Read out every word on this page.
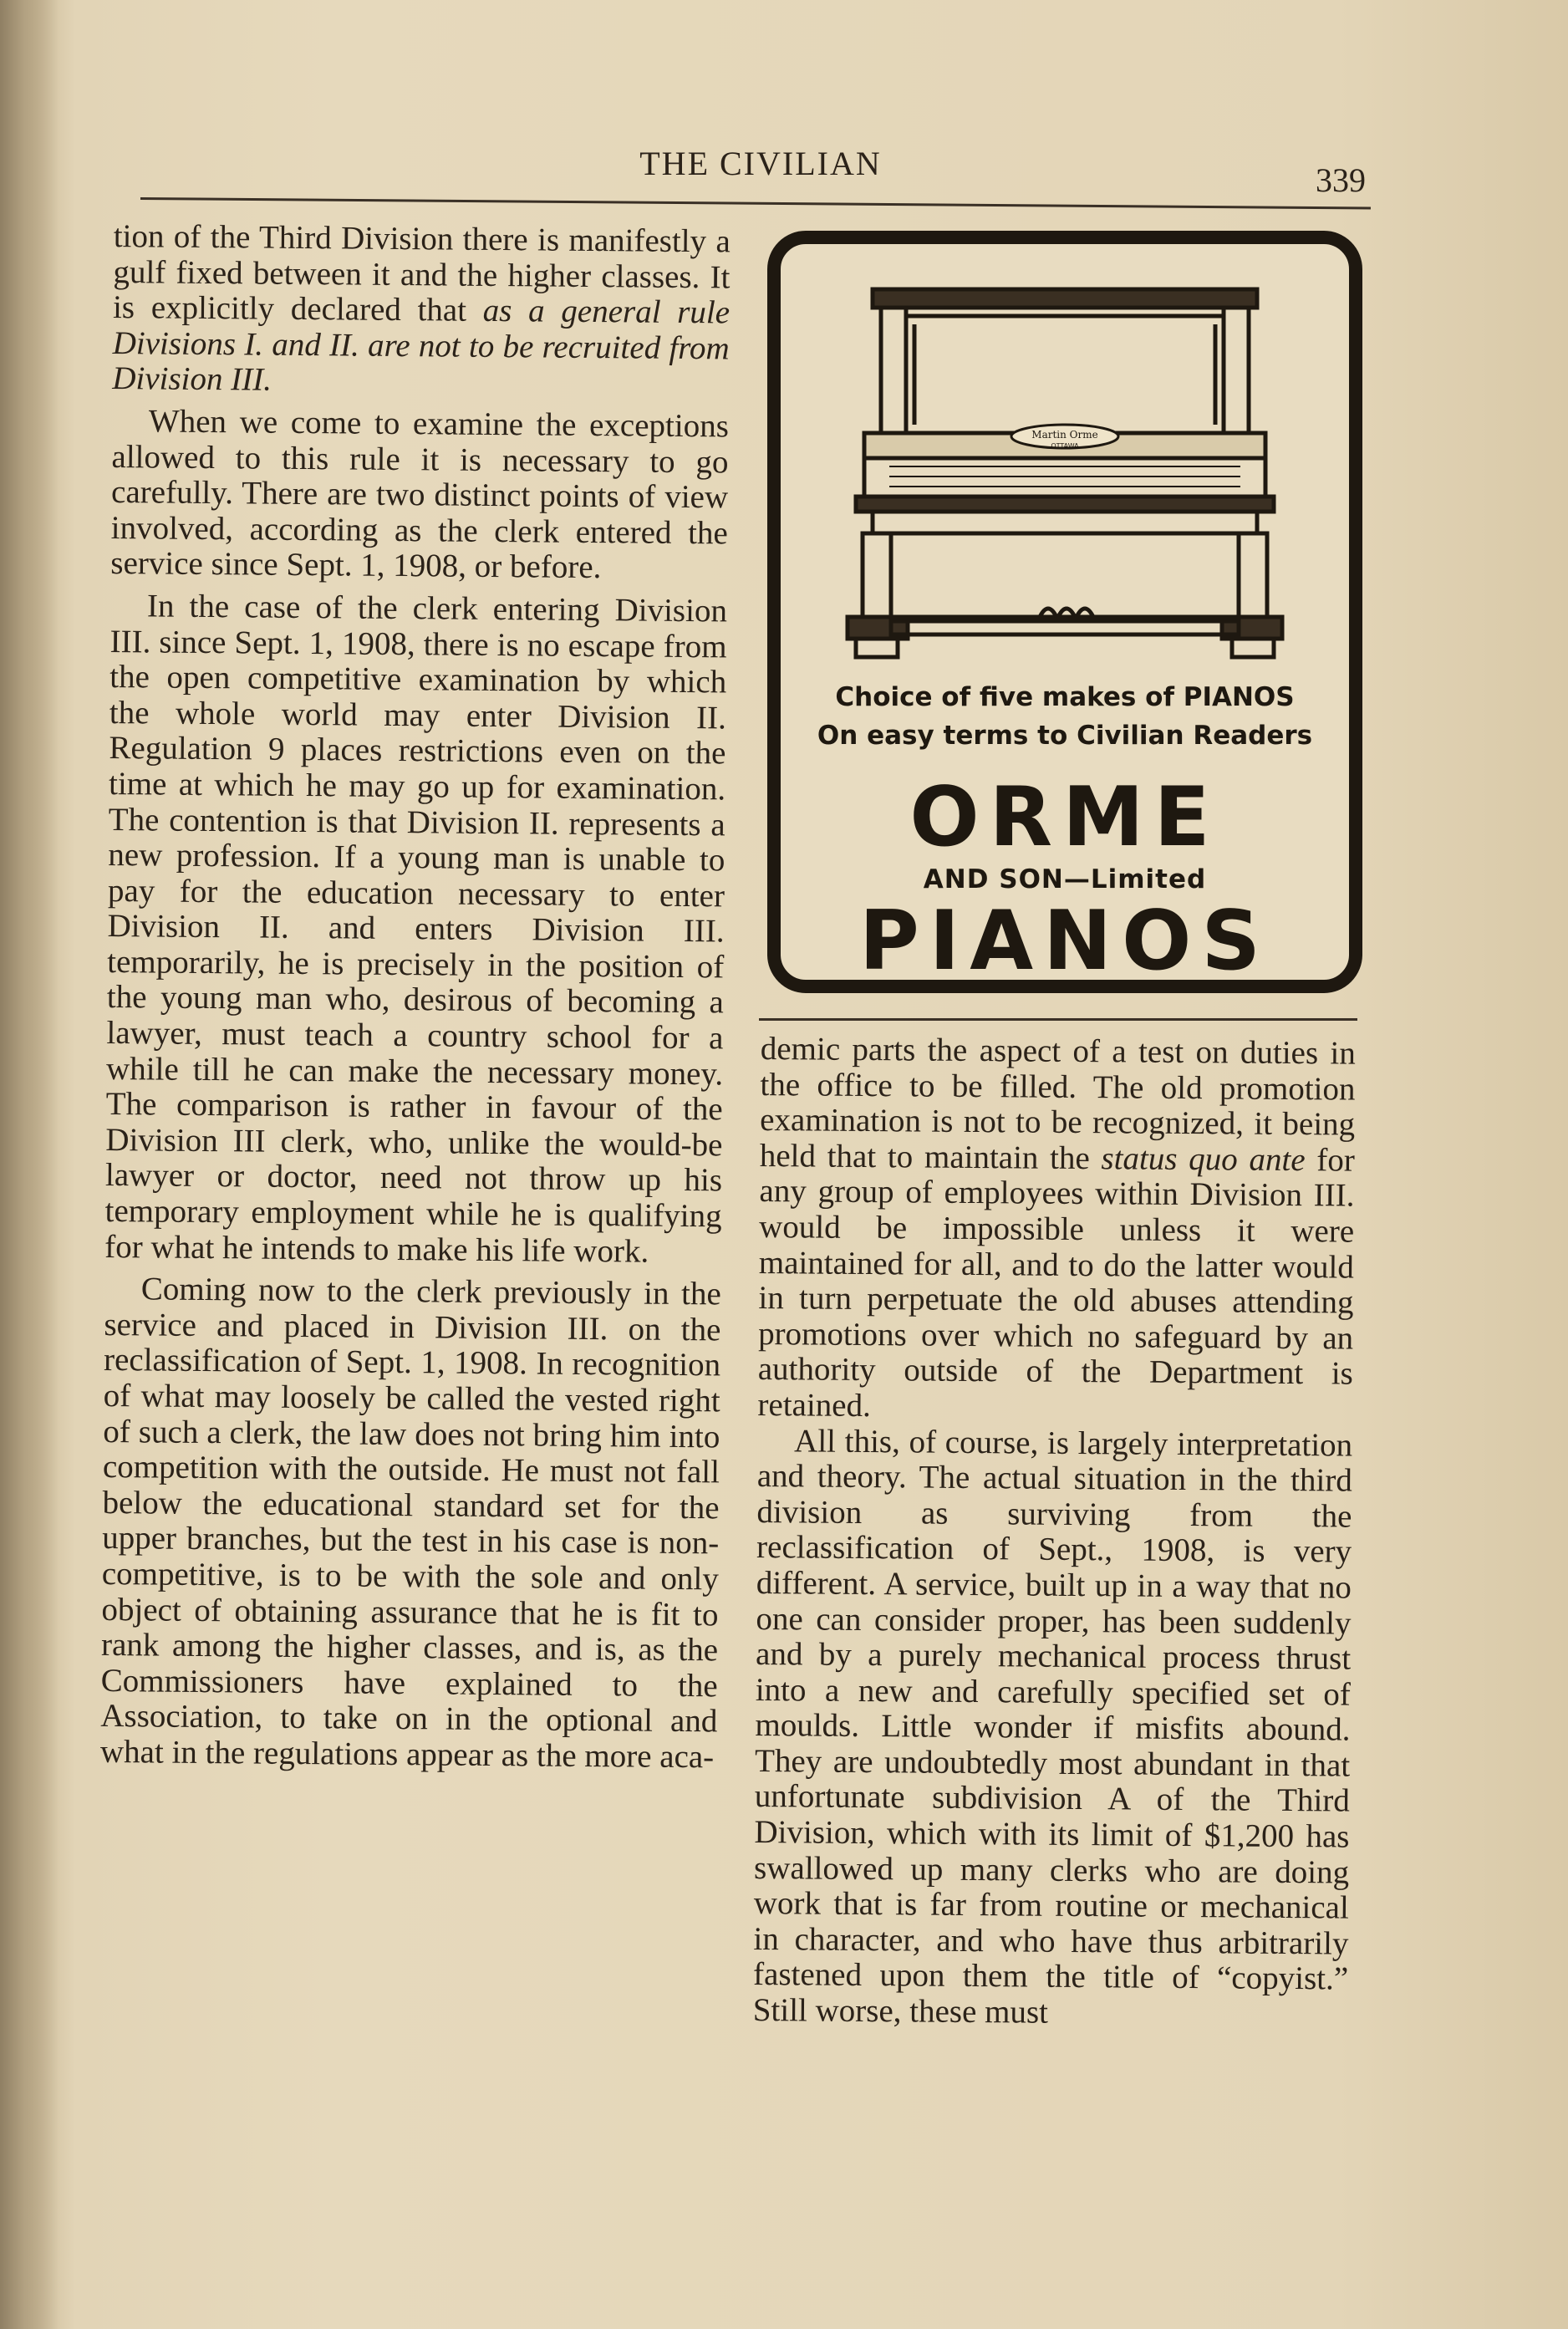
THE CIVILIAN	339

tion of the Third Division there is manifestly a gulf fixed between it and the higher classes. It is explicitly declared that as a general rule Divisions I. and II. are not to be recruited from Division III.

When we come to examine the exceptions allowed to this rule it is necessary to go carefully. There are two distinct points of view involved, according as the clerk entered the service since Sept. 1, 1908, or before.

In the case of the clerk entering Division III. since Sept. 1, 1908, there is no escape from the open competitive examination by which the whole world may enter Division II. Regulation 9 places restrictions even on the time at which he may go up for examination. The contention is that Division II. represents a new profession. If a young man is unable to pay for the education necessary to enter Division II. and enters Division III. temporarily, he is precisely in the position of the young man who, desirous of becoming a lawyer, must teach a country school for a while till he can make the necessary money. The comparison is rather in favour of the Division III clerk, who, unlike the would-be lawyer or doctor, need not throw up his temporary employment while he is qualifying for what he intends to make his life work.

Coming now to the clerk previously in the service and placed in Division III. on the reclassification of Sept. 1, 1908. In recognition of what may loosely be called the vested right of such a clerk, the law does not bring him into competition with the outside. He must not fall below the educational standard set for the upper branches, but the test in his case is non-competitive, is to be with the sole and only object of obtaining assurance that he is fit to rank among the higher classes, and is, as the Commissioners have explained to the Association, to take on in the optional and what in the regulations appear as the more aca-

Martin Orme
OTTAWA
Choice of five makes of PIANOS
On easy terms to Civilian Readers
ORME
AND SON—Limited
PIANOS

demic parts the aspect of a test on duties in the office to be filled. The old promotion examination is not to be recognized, it being held that to maintain the status quo ante for any group of employees within Division III. would be impossible unless it were maintained for all, and to do the latter would in turn perpetuate the old abuses attending promotions over which no safeguard by an authority outside of the Department is retained.

All this, of course, is largely interpretation and theory. The actual situation in the third division as surviving from the reclassification of Sept., 1908, is very different. A service, built up in a way that no one can consider proper, has been suddenly and by a purely mechanical process thrust into a new and carefully specified set of moulds. Little wonder if misfits abound. They are undoubtedly most abundant in that unfortunate subdivision A of the Third Division, which with its limit of $1,200 has swallowed up many clerks who are doing work that is far from routine or mechanical in character, and who have thus arbitrarily fastened upon them the title of “copyist.” Still worse, these must
